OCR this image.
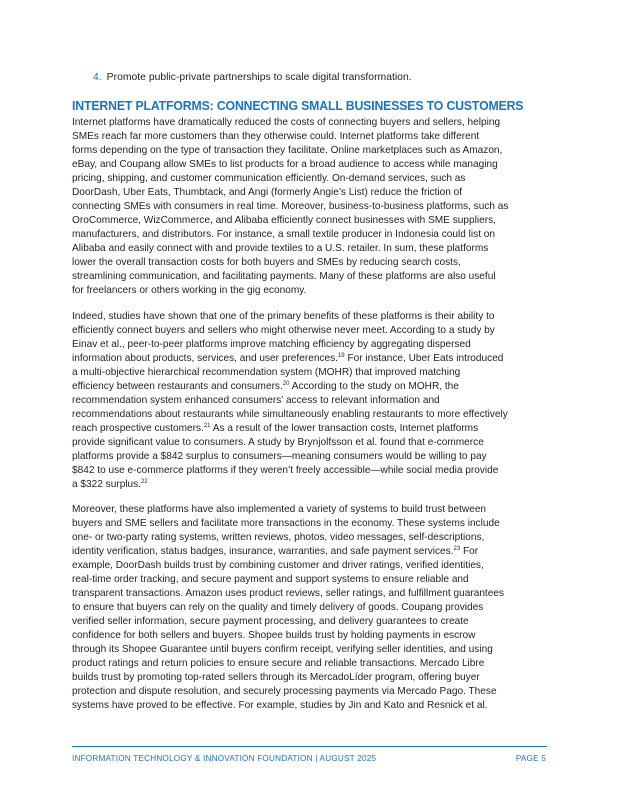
4. Promote public-private partnerships to scale digital transformation.
INTERNET PLATFORMS: CONNECTING SMALL BUSINESSES TO CUSTOMERS
Internet platforms have dramatically reduced the costs of connecting buyers and sellers, helping
SMEs reach far more customers than they otherwise could. Internet platforms take different
forms depending on the type of transaction they facilitate. Online marketplaces such as Amazon,
eBay, and Coupang allow SMEs to list products for a broad audience to access while managing
pricing, shipping, and customer communication efficiently. On-demand services, such as
DoorDash, Uber Eats, Thumbtack, and Angi (formerly Angie’s List) reduce the friction of
connecting SMEs with consumers in real time. Moreover, business-to-business platforms, such as
OroCommerce, WizCommerce, and Alibaba efficiently connect businesses with SME suppliers,
manufacturers, and distributors. For instance, a small textile producer in Indonesia could list on
Alibaba and easily connect with and provide textiles to a U.S. retailer. In sum, these platforms
lower the overall transaction costs for both buyers and SMEs by reducing search costs,
streamlining communication, and facilitating payments. Many of these platforms are also useful
for freelancers or others working in the gig economy.
Indeed, studies have shown that one of the primary benefits of these platforms is their ability to
efficiently connect buyers and sellers who might otherwise never meet. According to a study by
Einav et al., peer-to-peer platforms improve matching efficiency by aggregating dispersed
information about products, services, and user preferences.$^{19}$ For instance, Uber Eats introduced
a multi-objective hierarchical recommendation system (MOHR) that improved matching
efficiency between restaurants and consumers.$^{20}$ According to the study on MOHR, the
recommendation system enhanced consumers’ access to relevant information and
recommendations about restaurants while simultaneously enabling restaurants to more effectively
reach prospective customers.$^{21}$ As a result of the lower transaction costs, Internet platforms
provide significant value to consumers. A study by Brynjolfsson et al. found that e-commerce
platforms provide a $842 surplus to consumers—meaning consumers would be willing to pay
$842 to use e-commerce platforms if they weren’t freely accessible—while social media provide
a $322 surplus.$^{22}$
Moreover, these platforms have also implemented a variety of systems to build trust between
buyers and SME sellers and facilitate more transactions in the economy. These systems include
one- or two-party rating systems, written reviews, photos, video messages, self-descriptions,
identity verification, status badges, insurance, warranties, and safe payment services.$^{23}$ For
example, DoorDash builds trust by combining customer and driver ratings, verified identities,
real-time order tracking, and secure payment and support systems to ensure reliable and
transparent transactions. Amazon uses product reviews, seller ratings, and fulfillment guarantees
to ensure that buyers can rely on the quality and timely delivery of goods. Coupang provides
verified seller information, secure payment processing, and delivery guarantees to create
confidence for both sellers and buyers. Shopee builds trust by holding payments in escrow
through its Shopee Guarantee until buyers confirm receipt, verifying seller identities, and using
product ratings and return policies to ensure secure and reliable transactions. Mercado Libre
builds trust by promoting top-rated sellers through its MercadoLíder program, offering buyer
protection and dispute resolution, and securely processing payments via Mercado Pago. These
systems have proved to be effective. For example, studies by Jin and Kato and Resnick et al.
INFORMATION TECHNOLOGY & INNOVATION FOUNDATION | AUGUST 2025	PAGE 5
